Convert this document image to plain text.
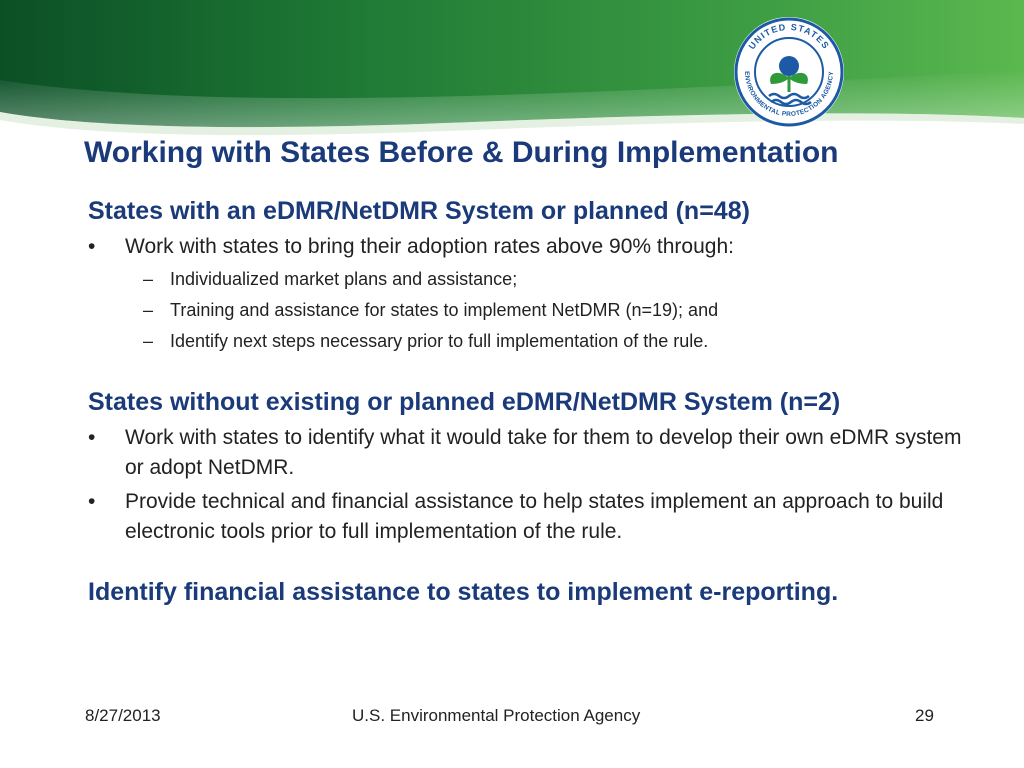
UNITED STATES
ENVIRONMENTAL PROTECTION AGENCY
Working with States Before & During Implementation
States with an eDMR/NetDMR System or planned (n=48)
• Work with states to bring their adoption rates above 90% through:
– Individualized market plans and assistance;
– Training and assistance for states to implement NetDMR (n=19); and
– Identify next steps necessary prior to full implementation of the rule.
States without existing or planned eDMR/NetDMR System (n=2)
• Work with states to identify what it would take for them to develop their own eDMR system or adopt NetDMR.
• Provide technical and financial assistance to help states implement an approach to build electronic tools prior to full implementation of the rule.
Identify financial assistance to states to implement e-reporting.
8/27/2013	U.S. Environmental Protection Agency	29
